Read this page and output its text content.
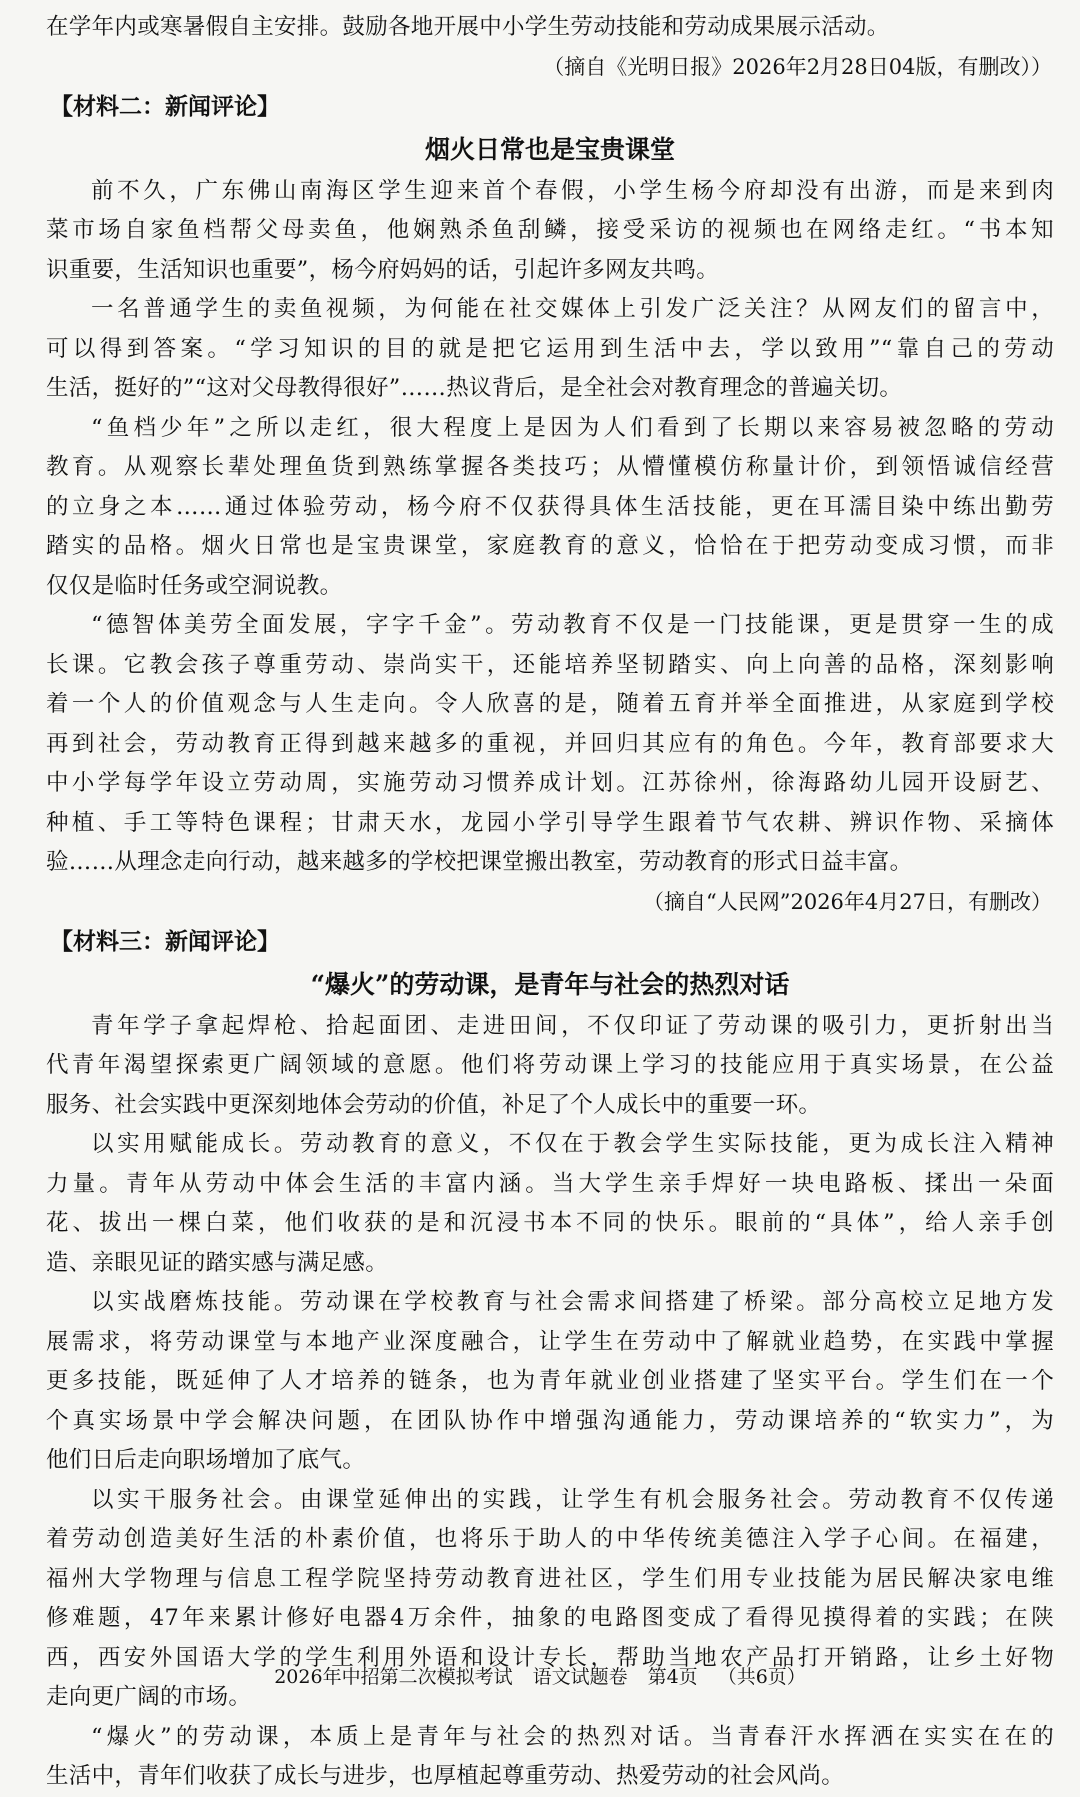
在学年内或寒暑假自主安排。鼓励各地开展中小学生劳动技能和劳动成果展示活动。
（摘自《光明日报》2026年2月28日04版，有删改））
【材料二：新闻评论】
烟火日常也是宝贵课堂
前不久，广东佛山南海区学生迎来首个春假，小学生杨今府却没有出游，而是来到肉
菜市场自家鱼档帮父母卖鱼，他娴熟杀鱼刮鳞，接受采访的视频也在网络走红。“书本知
识重要，生活知识也重要”，杨今府妈妈的话，引起许多网友共鸣。
一名普通学生的卖鱼视频，为何能在社交媒体上引发广泛关注？从网友们的留言中，
可以得到答案。“学习知识的目的就是把它运用到生活中去，学以致用”“靠自己的劳动
生活，挺好的”“这对父母教得很好”……热议背后，是全社会对教育理念的普遍关切。
“鱼档少年”之所以走红，很大程度上是因为人们看到了长期以来容易被忽略的劳动
教育。从观察长辈处理鱼货到熟练掌握各类技巧；从懵懂模仿称量计价，到领悟诚信经营
的立身之本……通过体验劳动，杨今府不仅获得具体生活技能，更在耳濡目染中练出勤劳
踏实的品格。烟火日常也是宝贵课堂，家庭教育的意义，恰恰在于把劳动变成习惯，而非
仅仅是临时任务或空洞说教。
“德智体美劳全面发展，字字千金”。劳动教育不仅是一门技能课，更是贯穿一生的成
长课。它教会孩子尊重劳动、崇尚实干，还能培养坚韧踏实、向上向善的品格，深刻影响
着一个人的价值观念与人生走向。令人欣喜的是，随着五育并举全面推进，从家庭到学校
再到社会，劳动教育正得到越来越多的重视，并回归其应有的角色。今年，教育部要求大
中小学每学年设立劳动周，实施劳动习惯养成计划。江苏徐州，徐海路幼儿园开设厨艺、
种植、手工等特色课程；甘肃天水，龙园小学引导学生跟着节气农耕、辨识作物、采摘体
验……从理念走向行动，越来越多的学校把课堂搬出教室，劳动教育的形式日益丰富。
（摘自“人民网”2026年4月27日，有删改）
【材料三：新闻评论】
“爆火”的劳动课，是青年与社会的热烈对话
青年学子拿起焊枪、拾起面团、走进田间，不仅印证了劳动课的吸引力，更折射出当
代青年渴望探索更广阔领域的意愿。他们将劳动课上学习的技能应用于真实场景，在公益
服务、社会实践中更深刻地体会劳动的价值，补足了个人成长中的重要一环。
以实用赋能成长。劳动教育的意义，不仅在于教会学生实际技能，更为成长注入精神
力量。青年从劳动中体会生活的丰富内涵。当大学生亲手焊好一块电路板、揉出一朵面
花、拔出一棵白菜，他们收获的是和沉浸书本不同的快乐。眼前的“具体”，给人亲手创
造、亲眼见证的踏实感与满足感。
以实战磨炼技能。劳动课在学校教育与社会需求间搭建了桥梁。部分高校立足地方发
展需求，将劳动课堂与本地产业深度融合，让学生在劳动中了解就业趋势，在实践中掌握
更多技能，既延伸了人才培养的链条，也为青年就业创业搭建了坚实平台。学生们在一个
个真实场景中学会解决问题，在团队协作中增强沟通能力，劳动课培养的“软实力”，为
他们日后走向职场增加了底气。
以实干服务社会。由课堂延伸出的实践，让学生有机会服务社会。劳动教育不仅传递
着劳动创造美好生活的朴素价值，也将乐于助人的中华传统美德注入学子心间。在福建，
福州大学物理与信息工程学院坚持劳动教育进社区，学生们用专业技能为居民解决家电维
修难题，47年来累计修好电器4万余件，抽象的电路图变成了看得见摸得着的实践；在陕
西，西安外国语大学的学生利用外语和设计专长，帮助当地农产品打开销路，让乡土好物
走向更广阔的市场。
“爆火”的劳动课，本质上是青年与社会的热烈对话。当青春汗水挥洒在实实在在的
生活中，青年们收获了成长与进步，也厚植起尊重劳动、热爱劳动的社会风尚。
2026年中招第二次模拟考试 语文试题卷 第4页 （共6页）
